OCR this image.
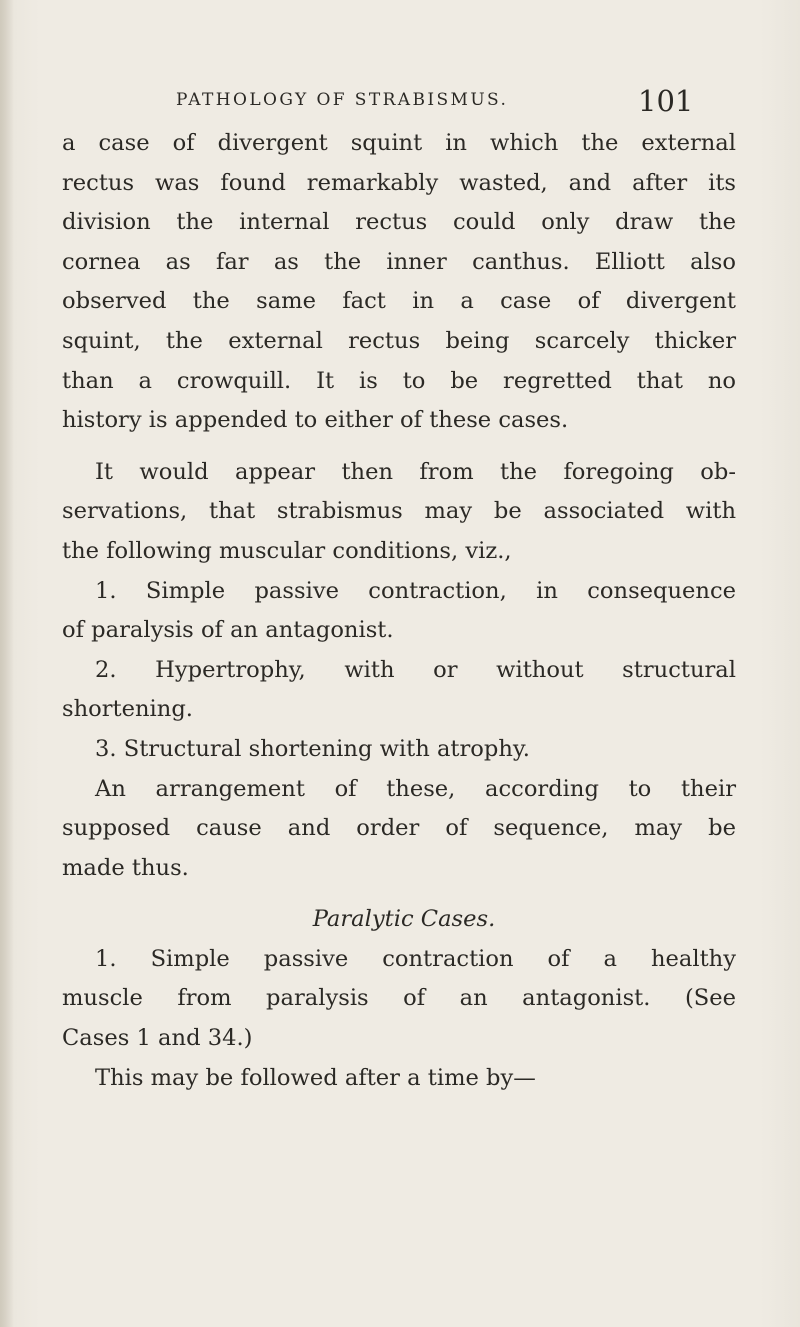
PATHOLOGY OF STRABISMUS.	101
a case of divergent squint in which the external
rectus was found remarkably wasted, and after its
division the internal rectus could only draw the
cornea as far as the inner canthus. Elliott also
observed the same fact in a case of divergent
squint, the external rectus being scarcely thicker
than a crowquill. It is to be regretted that no
history is appended to either of these cases.
It would appear then from the foregoing ob-
servations, that strabismus may be associated with
the following muscular conditions, viz.,
1. Simple passive contraction, in consequence
of paralysis of an antagonist.
2. Hypertrophy, with or without structural
shortening.
3. Structural shortening with atrophy.
An arrangement of these, according to their
supposed cause and order of sequence, may be
made thus.
Paralytic Cases.
1. Simple passive contraction of a healthy
muscle from paralysis of an antagonist. (See
Cases 1 and 34.)
This may be followed after a time by—
